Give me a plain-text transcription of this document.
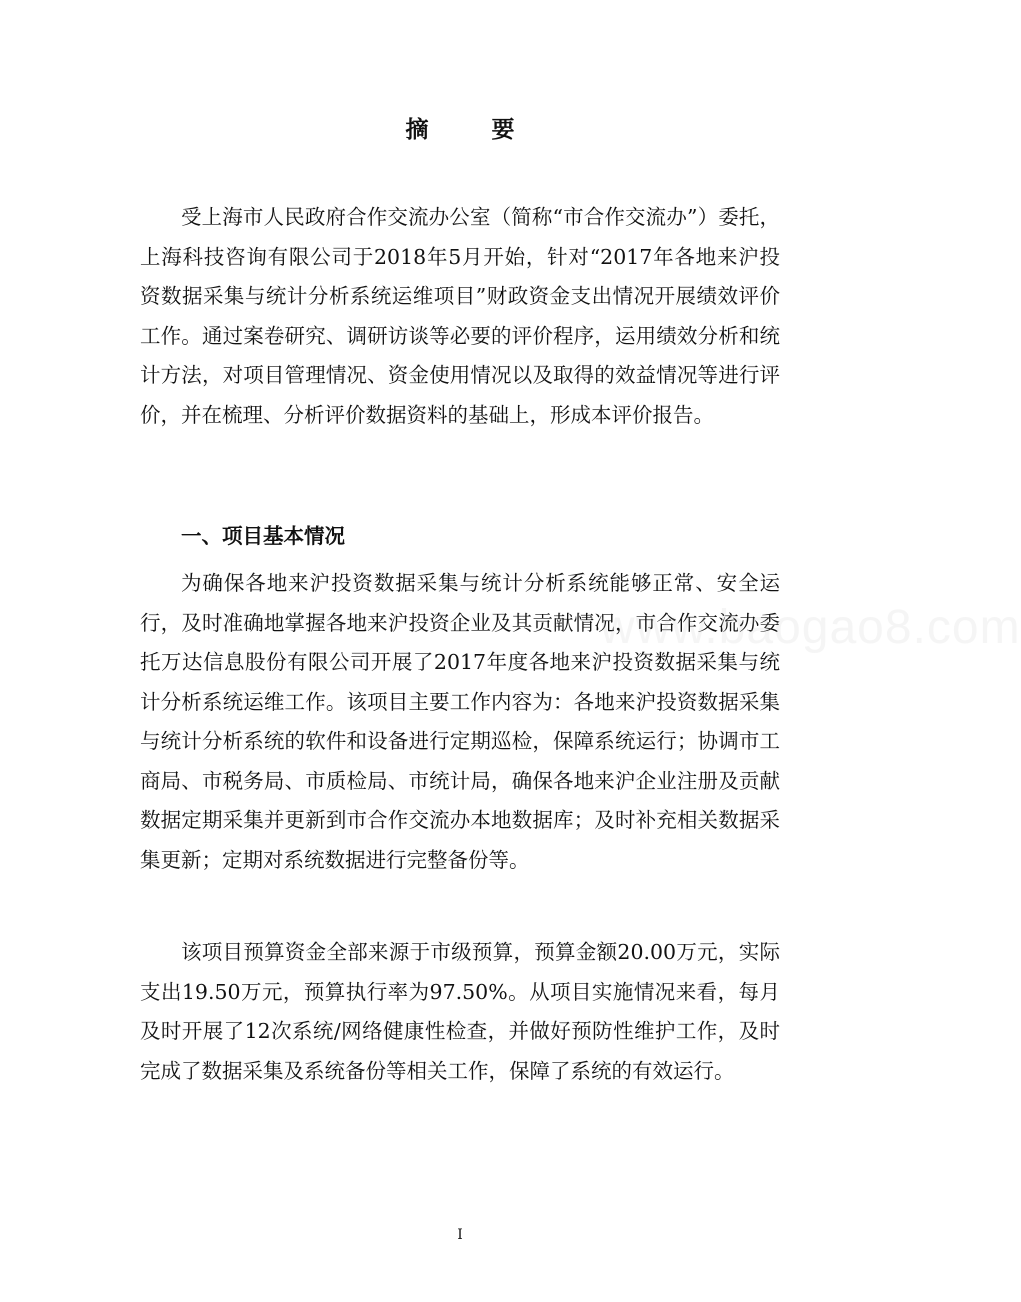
摘　要

受上海市人民政府合作交流办公室（简称“市合作交流办”）委托，上海科技咨询有限公司于2018年5月开始，针对“2017年各地来沪投资数据采集与统计分析系统运维项目”财政资金支出情况开展绩效评价工作。通过案卷研究、调研访谈等必要的评价程序，运用绩效分析和统计方法，对项目管理情况、资金使用情况以及取得的效益情况等进行评价，并在梳理、分析评价数据资料的基础上，形成本评价报告。

一、项目基本情况

为确保各地来沪投资数据采集与统计分析系统能够正常、安全运行，及时准确地掌握各地来沪投资企业及其贡献情况，市合作交流办委托万达信息股份有限公司开展了2017年度各地来沪投资数据采集与统计分析系统运维工作。该项目主要工作内容为：各地来沪投资数据采集与统计分析系统的软件和设备进行定期巡检，保障系统运行；协调市工商局、市税务局、市质检局、市统计局，确保各地来沪企业注册及贡献数据定期采集并更新到市合作交流办本地数据库；及时补充相关数据采集更新；定期对系统数据进行完整备份等。

该项目预算资金全部来源于市级预算，预算金额20.00万元，实际支出19.50万元，预算执行率为97.50%。从项目实施情况来看，每月及时开展了12次系统/网络健康性检查，并做好预防性维护工作，及时完成了数据采集及系统备份等相关工作，保障了系统的有效运行。

www.baogao8.com
I
